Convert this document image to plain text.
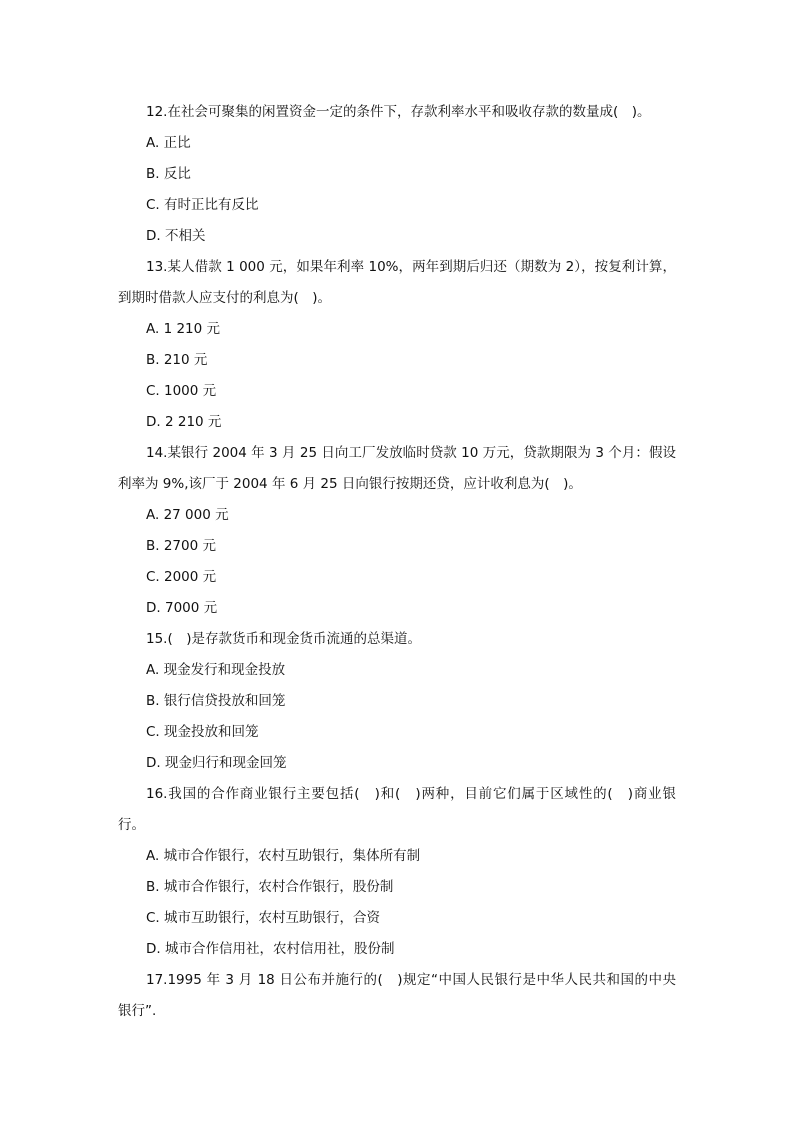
12.在社会可聚集的闲置资金一定的条件下，存款利率水平和吸收存款的数量成(　)。
A. 正比
B. 反比
C. 有时正比有反比
D. 不相关
13.某人借款 1 000 元，如果年利率 10%，两年到期后归还（期数为 2），按复利计算，
到期时借款人应支付的利息为(　)。
A. 1 210 元
B. 210 元
C. 1000 元
D. 2 210 元
14.某银行 2004 年 3 月 25 日向工厂发放临时贷款 10 万元，贷款期限为 3 个月：假设
利率为 9%,该厂于 2004 年 6 月 25 日向银行按期还贷，应计收利息为(　)。
A. 27 000 元
B. 2700 元
C. 2000 元
D. 7000 元
15.(　)是存款货币和现金货币流通的总渠道。
A. 现金发行和现金投放
B. 银行信贷投放和回笼
C. 现金投放和回笼
D. 现金归行和现金回笼
16.我国的合作商业银行主要包括(　)和(　)两种，目前它们属于区域性的(　)商业银
行。
A. 城市合作银行，农村互助银行，集体所有制
B. 城市合作银行，农村合作银行，股份制
C. 城市互助银行，农村互助银行，合资
D. 城市合作信用社，农村信用社，股份制
17.1995 年 3 月 18 日公布并施行的(　)规定“中国人民银行是中华人民共和国的中央
银行”.
